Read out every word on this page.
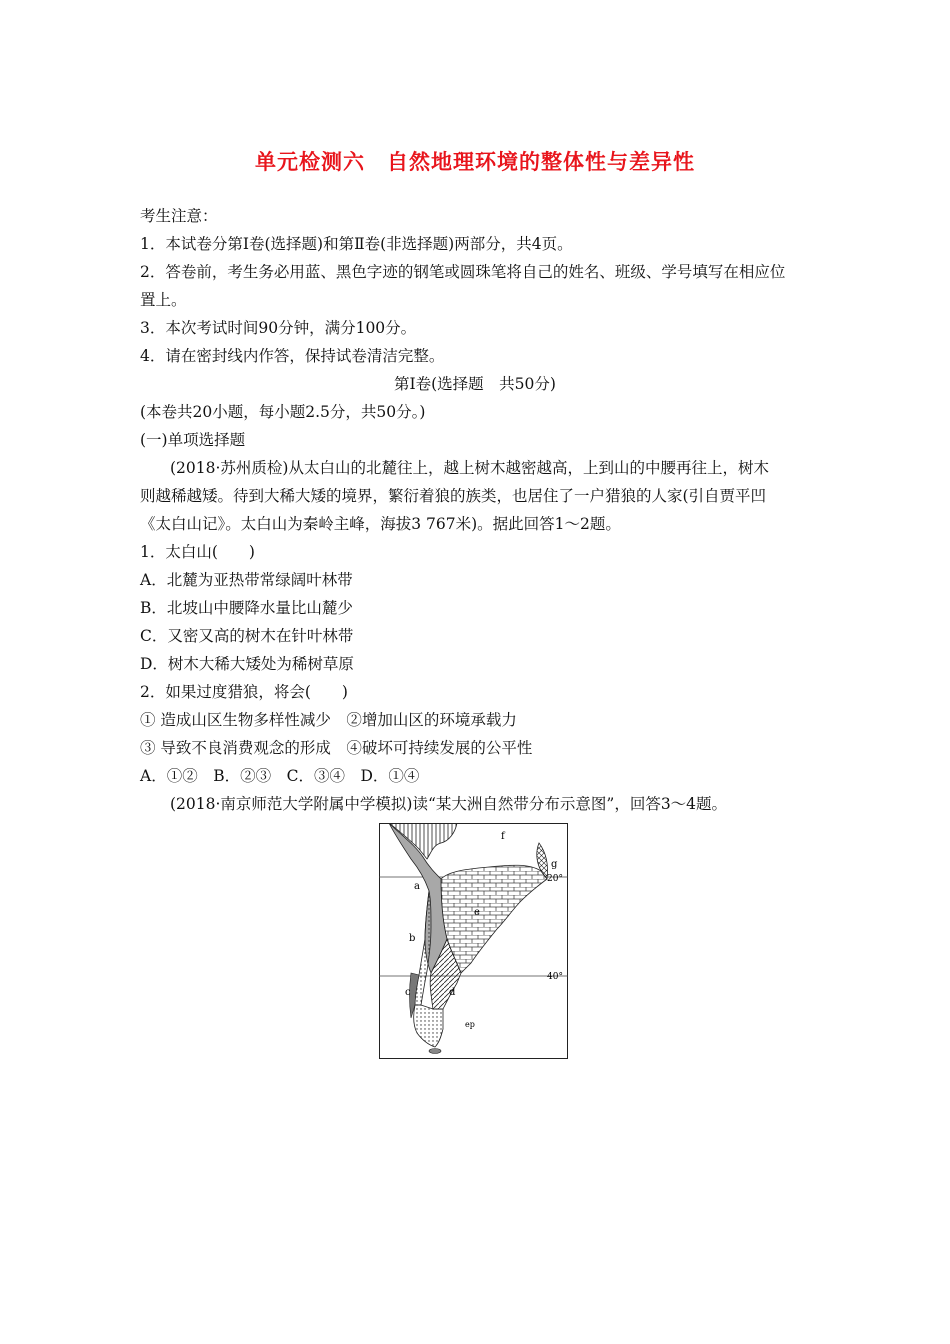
单元检测六　自然地理环境的整体性与差异性
考生注意：
1．本试卷分第Ⅰ卷(选择题)和第Ⅱ卷(非选择题)两部分，共4页。
2．答卷前，考生务必用蓝、黑色字迹的钢笔或圆珠笔将自己的姓名、班级、学号填写在相应位
置上。
3．本次考试时间90分钟，满分100分。
4．请在密封线内作答，保持试卷清洁完整。
第Ⅰ卷(选择题　共50分)
(本卷共20小题，每小题2.5分，共50分。)
(一)单项选择题
(2018·苏州质检)从太白山的北麓往上，越上树木越密越高，上到山的中腰再往上，树木
则越稀越矮。待到大稀大矮的境界，繁衍着狼的族类，也居住了一户猎狼的人家(引自贾平凹
《太白山记》。太白山为秦岭主峰，海拔3 767米)。据此回答1～2题。
1．太白山(　　)
A．北麓为亚热带常绿阔叶林带
B．北坡山中腰降水量比山麓少
C．又密又高的树木在针叶林带
D．树木大稀大矮处为稀树草原
2．如果过度猎狼，将会(　　)
① 造成山区生物多样性减少　②增加山区的环境承载力
③ 导致不良消费观念的形成　④破坏可持续发展的公平性
A．①②　B．②③　C．③④　D．①④
(2018·南京师范大学附属中学模拟)读“某大洲自然带分布示意图”，回答3～4题。
f
g
20°
a
e
b
40°
c	d
ep
